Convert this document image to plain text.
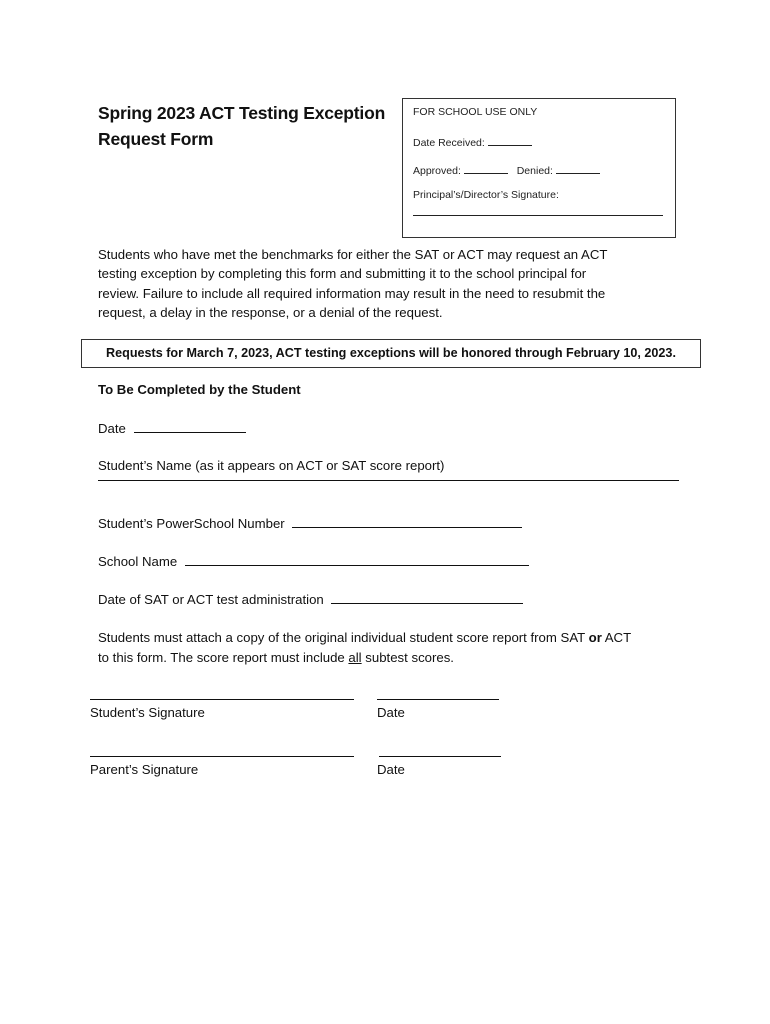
Spring 2023 ACT Testing Exception
Request Form
FOR SCHOOL USE ONLY
Date Received:
Approved:	Denied:
Principal’s/Director’s Signature:
Students who have met the benchmarks for either the SAT or ACT may request an ACT
testing exception by completing this form and submitting it to the school principal for
review. Failure to include all required information may result in the need to resubmit the
request, a delay in the response, or a denial of the request.
Requests for March 7, 2023, ACT testing exceptions will be honored through February 10, 2023.
To Be Completed by the Student
Date
Student’s Name (as it appears on ACT or SAT score report)
Student’s PowerSchool Number
School Name
Date of SAT or ACT test administration
Students must attach a copy of the original individual student score report from SAT or ACT
to this form. The score report must include all subtest scores.
Student’s Signature	Date
Parent’s Signature	Date
